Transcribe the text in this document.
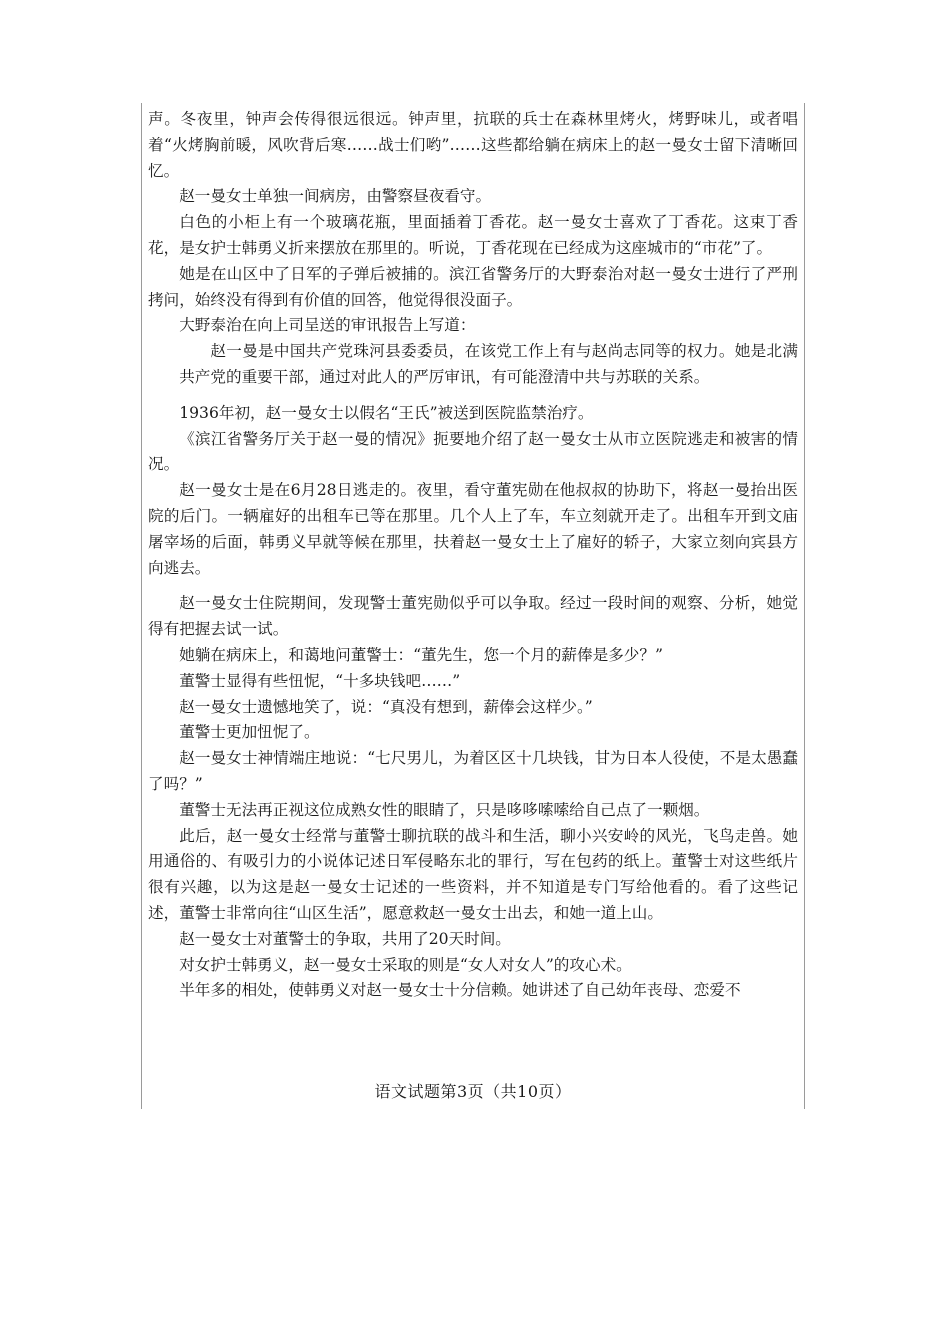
声。冬夜里，钟声会传得很远很远。钟声里，抗联的兵士在森林里烤火，烤野味儿，或者唱着“火烤胸前暖，风吹背后寒……战士们哟”……这些都给躺在病床上的赵一曼女士留下清晰回忆。

赵一曼女士单独一间病房，由警察昼夜看守。

白色的小柜上有一个玻璃花瓶，里面插着丁香花。赵一曼女士喜欢了丁香花。这束丁香花，是女护士韩勇义折来摆放在那里的。听说，丁香花现在已经成为这座城市的“市花”了。

她是在山区中了日军的子弹后被捕的。滨江省警务厅的大野泰治对赵一曼女士进行了严刑拷问，始终没有得到有价值的回答，他觉得很没面子。

大野泰治在向上司呈送的审讯报告上写道：

赵一曼是中国共产党珠河县委委员，在该党工作上有与赵尚志同等的权力。她是北满共产党的重要干部，通过对此人的严厉审讯，有可能澄清中共与苏联的关系。

1936年初，赵一曼女士以假名“王氏”被送到医院监禁治疗。

《滨江省警务厅关于赵一曼的情况》扼要地介绍了赵一曼女士从市立医院逃走和被害的情况。

赵一曼女士是在6月28日逃走的。夜里，看守董宪勋在他叔叔的协助下，将赵一曼抬出医院的后门。一辆雇好的出租车已等在那里。几个人上了车，车立刻就开走了。出租车开到文庙屠宰场的后面，韩勇义早就等候在那里，扶着赵一曼女士上了雇好的轿子，大家立刻向宾县方向逃去。

赵一曼女士住院期间，发现警士董宪勋似乎可以争取。经过一段时间的观察、分析，她觉得有把握去试一试。

她躺在病床上，和蔼地问董警士：“董先生，您一个月的薪俸是多少？”

董警士显得有些忸怩，“十多块钱吧……”

赵一曼女士遗憾地笑了，说：“真没有想到，薪俸会这样少。”

董警士更加忸怩了。

赵一曼女士神情端庄地说：“七尺男儿，为着区区十几块钱，甘为日本人役使，不是太愚蠢了吗？”

董警士无法再正视这位成熟女性的眼睛了，只是哆哆嗦嗦给自己点了一颗烟。

此后，赵一曼女士经常与董警士聊抗联的战斗和生活，聊小兴安岭的风光，飞鸟走兽。她用通俗的、有吸引力的小说体记述日军侵略东北的罪行，写在包药的纸上。董警士对这些纸片很有兴趣，以为这是赵一曼女士记述的一些资料，并不知道是专门写给他看的。看了这些记述，董警士非常向往“山区生活”，愿意救赵一曼女士出去，和她一道上山。

赵一曼女士对董警士的争取，共用了20天时间。

对女护士韩勇义，赵一曼女士采取的则是“女人对女人”的攻心术。

半年多的相处，使韩勇义对赵一曼女士十分信赖。她讲述了自己幼年丧母、恋爱不

语文试题第3页（共10页）
